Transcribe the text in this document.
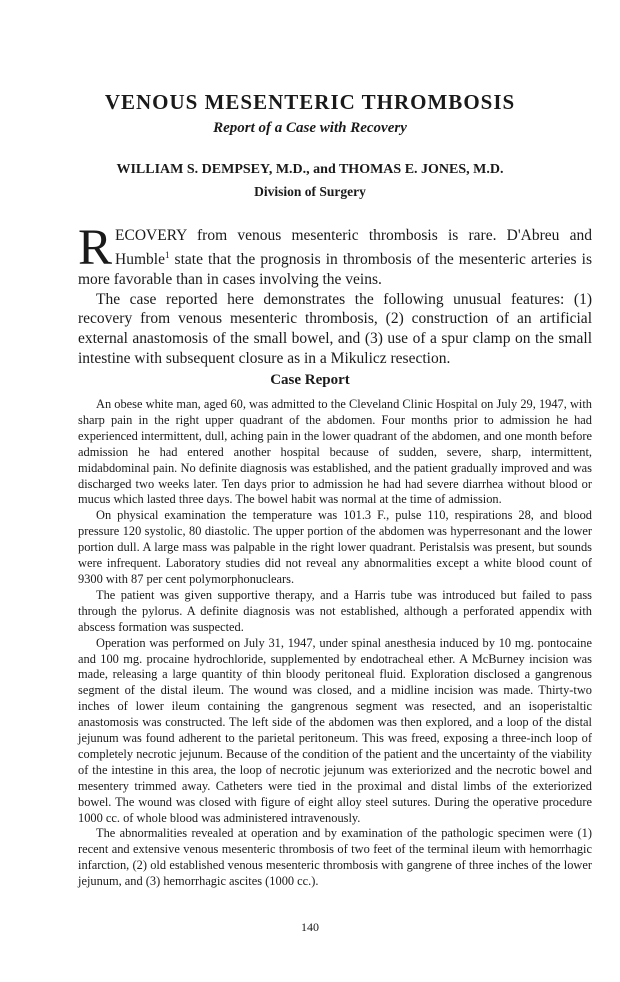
VENOUS MESENTERIC THROMBOSIS
Report of a Case with Recovery
WILLIAM S. DEMPSEY, M.D., and THOMAS E. JONES, M.D.
Division of Surgery

RECOVERY from venous mesenteric thrombosis is rare. D'Abreu and Humble$^1$ state that the prognosis in thrombosis of the mesenteric arteries is more favorable than in cases involving the veins.

The case reported here demonstrates the following unusual features: (1) recovery from venous mesenteric thrombosis, (2) construction of an artificial external anastomosis of the small bowel, and (3) use of a spur clamp on the small intestine with subsequent closure as in a Mikulicz resection.

Case Report

An obese white man, aged 60, was admitted to the Cleveland Clinic Hospital on July 29, 1947, with sharp pain in the right upper quadrant of the abdomen. Four months prior to admission he had experienced intermittent, dull, aching pain in the lower quadrant of the abdomen, and one month before admission he had entered another hospital because of sudden, severe, sharp, intermittent, midabdominal pain. No definite diagnosis was established, and the patient gradually improved and was discharged two weeks later. Ten days prior to admission he had had severe diarrhea without blood or mucus which lasted three days. The bowel habit was normal at the time of admission.

On physical examination the temperature was 101.3 F., pulse 110, respirations 28, and blood pressure 120 systolic, 80 diastolic. The upper portion of the abdomen was hyperresonant and the lower portion dull. A large mass was palpable in the right lower quadrant. Peristalsis was present, but sounds were infrequent. Laboratory studies did not reveal any abnormalities except a white blood count of 9300 with 87 per cent polymorphonuclears.

The patient was given supportive therapy, and a Harris tube was introduced but failed to pass through the pylorus. A definite diagnosis was not established, although a perforated appendix with abscess formation was suspected.

Operation was performed on July 31, 1947, under spinal anesthesia induced by 10 mg. pontocaine and 100 mg. procaine hydrochloride, supplemented by endotracheal ether. A McBurney incision was made, releasing a large quantity of thin bloody peritoneal fluid. Exploration disclosed a gangrenous segment of the distal ileum. The wound was closed, and a midline incision was made. Thirty-two inches of lower ileum containing the gangrenous segment was resected, and an isoperistaltic anastomosis was constructed. The left side of the abdomen was then explored, and a loop of the distal jejunum was found adherent to the parietal peritoneum. This was freed, exposing a three-inch loop of completely necrotic jejunum. Because of the condition of the patient and the uncertainty of the viability of the intestine in this area, the loop of necrotic jejunum was exteriorized and the necrotic bowel and mesentery trimmed away. Catheters were tied in the proximal and distal limbs of the exteriorized bowel. The wound was closed with figure of eight alloy steel sutures. During the operative procedure 1000 cc. of whole blood was administered intravenously.

The abnormalities revealed at operation and by examination of the pathologic specimen were (1) recent and extensive venous mesenteric thrombosis of two feet of the terminal ileum with hemorrhagic infarction, (2) old established venous mesenteric thrombosis with gangrene of three inches of the lower jejunum, and (3) hemorrhagic ascites (1000 cc.).

140
